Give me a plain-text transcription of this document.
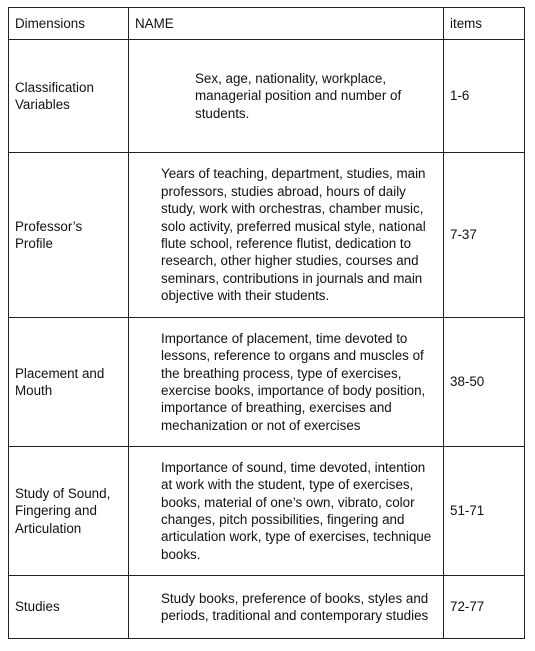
Dimensions	NAME	items
Classification Variables	Sex, age, nationality, workplace, managerial position and number of students.	1-6
Professor’s Profile	Years of teaching, department, studies, main professors, studies abroad, hours of daily study, work with orchestras, chamber music, solo activity, preferred musical style, national flute school, reference flutist, dedication to research, other higher studies, courses and seminars, contributions in journals and main objective with their students.	7-37
Placement and Mouth	Importance of placement, time devoted to lessons, reference to organs and muscles of the breathing process, type of exercises, exercise books, importance of body position, importance of breathing, exercises and mechanization or not of exercises	38-50
Study of Sound, Fingering and Articulation	Importance of sound, time devoted, intention at work with the student, type of exercises, books, material of one’s own, vibrato, color changes, pitch possibilities, fingering and articulation work, type of exercises, technique books.	51-71
Studies	Study books, preference of books, styles and periods, traditional and contemporary studies	72-77
